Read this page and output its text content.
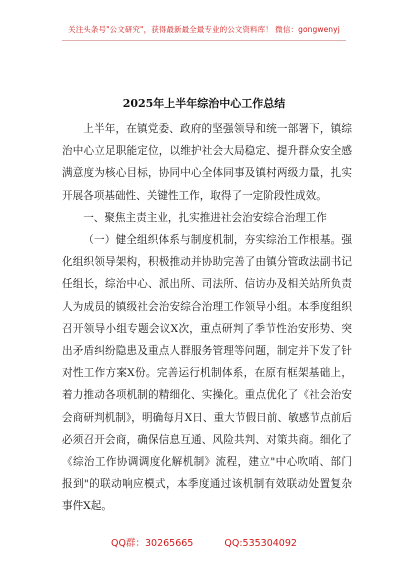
关注头条号"公文研究"，获得最新最全最专业的公文资料库！ 微信：gongwenyj
2025年上半年综治中心工作总结

上半年，在镇党委、政府的坚强领导和统一部署下，镇综治中心立足职能定位，以维护社会大局稳定、提升群众安全感满意度为核心目标，协同中心全体同事及镇村两级力量，扎实开展各项基础性、关键性工作，取得了一定阶段性成效。

一、聚焦主责主业，扎实推进社会治安综合治理工作

（一）健全组织体系与制度机制，夯实综治工作根基。强化组织领导架构，积极推动并协助完善了由镇分管政法副书记任组长，综治中心、派出所、司法所、信访办及相关站所负责人为成员的镇级社会治安综合治理工作领导小组。本季度组织召开领导小组专题会议X次，重点研判了季节性治安形势、突出矛盾纠纷隐患及重点人群服务管理等问题，制定并下发了针对性工作方案X份。完善运行机制体系，在原有框架基础上，着力推动各项机制的精细化、实操化。重点优化了《社会治安会商研判机制》，明确每月X日、重大节假日前、敏感节点前后必须召开会商，确保信息互通、风险共判、对策共商。细化了《综治工作协调调度化解机制》流程，建立"中心吹哨、部门报到"的联动响应模式，本季度通过该机制有效联动处置复杂事件X起。

QQ群：30265665	QQ:535304092
